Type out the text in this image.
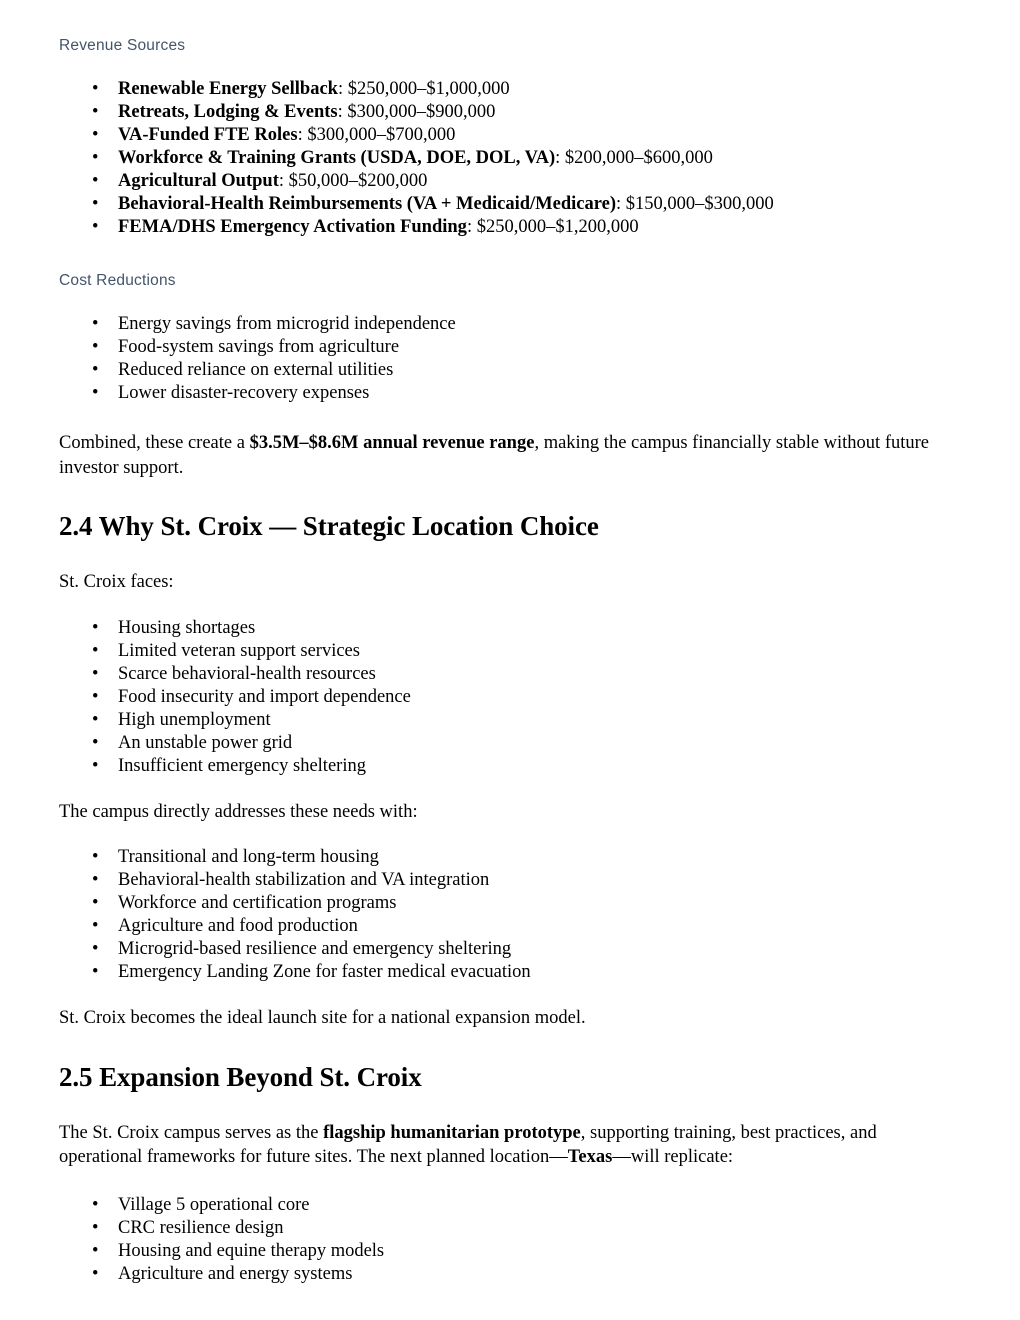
Revenue Sources
• Renewable Energy Sellback: $250,000–$1,000,000
• Retreats, Lodging & Events: $300,000–$900,000
• VA-Funded FTE Roles: $300,000–$700,000
• Workforce & Training Grants (USDA, DOE, DOL, VA): $200,000–$600,000
• Agricultural Output: $50,000–$200,000
• Behavioral-Health Reimbursements (VA + Medicaid/Medicare): $150,000–$300,000
• FEMA/DHS Emergency Activation Funding: $250,000–$1,200,000
Cost Reductions
• Energy savings from microgrid independence
• Food-system savings from agriculture
• Reduced reliance on external utilities
• Lower disaster-recovery expenses

Combined, these create a $3.5M–$8.6M annual revenue range, making the campus financially stable without future investor support.

2.4 Why St. Croix — Strategic Location Choice

St. Croix faces:

• Housing shortages
• Limited veteran support services
• Scarce behavioral-health resources
• Food insecurity and import dependence
• High unemployment
• An unstable power grid
• Insufficient emergency sheltering

The campus directly addresses these needs with:

• Transitional and long-term housing
• Behavioral-health stabilization and VA integration
• Workforce and certification programs
• Agriculture and food production
• Microgrid-based resilience and emergency sheltering
• Emergency Landing Zone for faster medical evacuation

St. Croix becomes the ideal launch site for a national expansion model.

2.5 Expansion Beyond St. Croix

The St. Croix campus serves as the flagship humanitarian prototype, supporting training, best practices, and operational frameworks for future sites. The next planned location—Texas—will replicate:

• Village 5 operational core
• CRC resilience design
• Housing and equine therapy models
• Agriculture and energy systems
